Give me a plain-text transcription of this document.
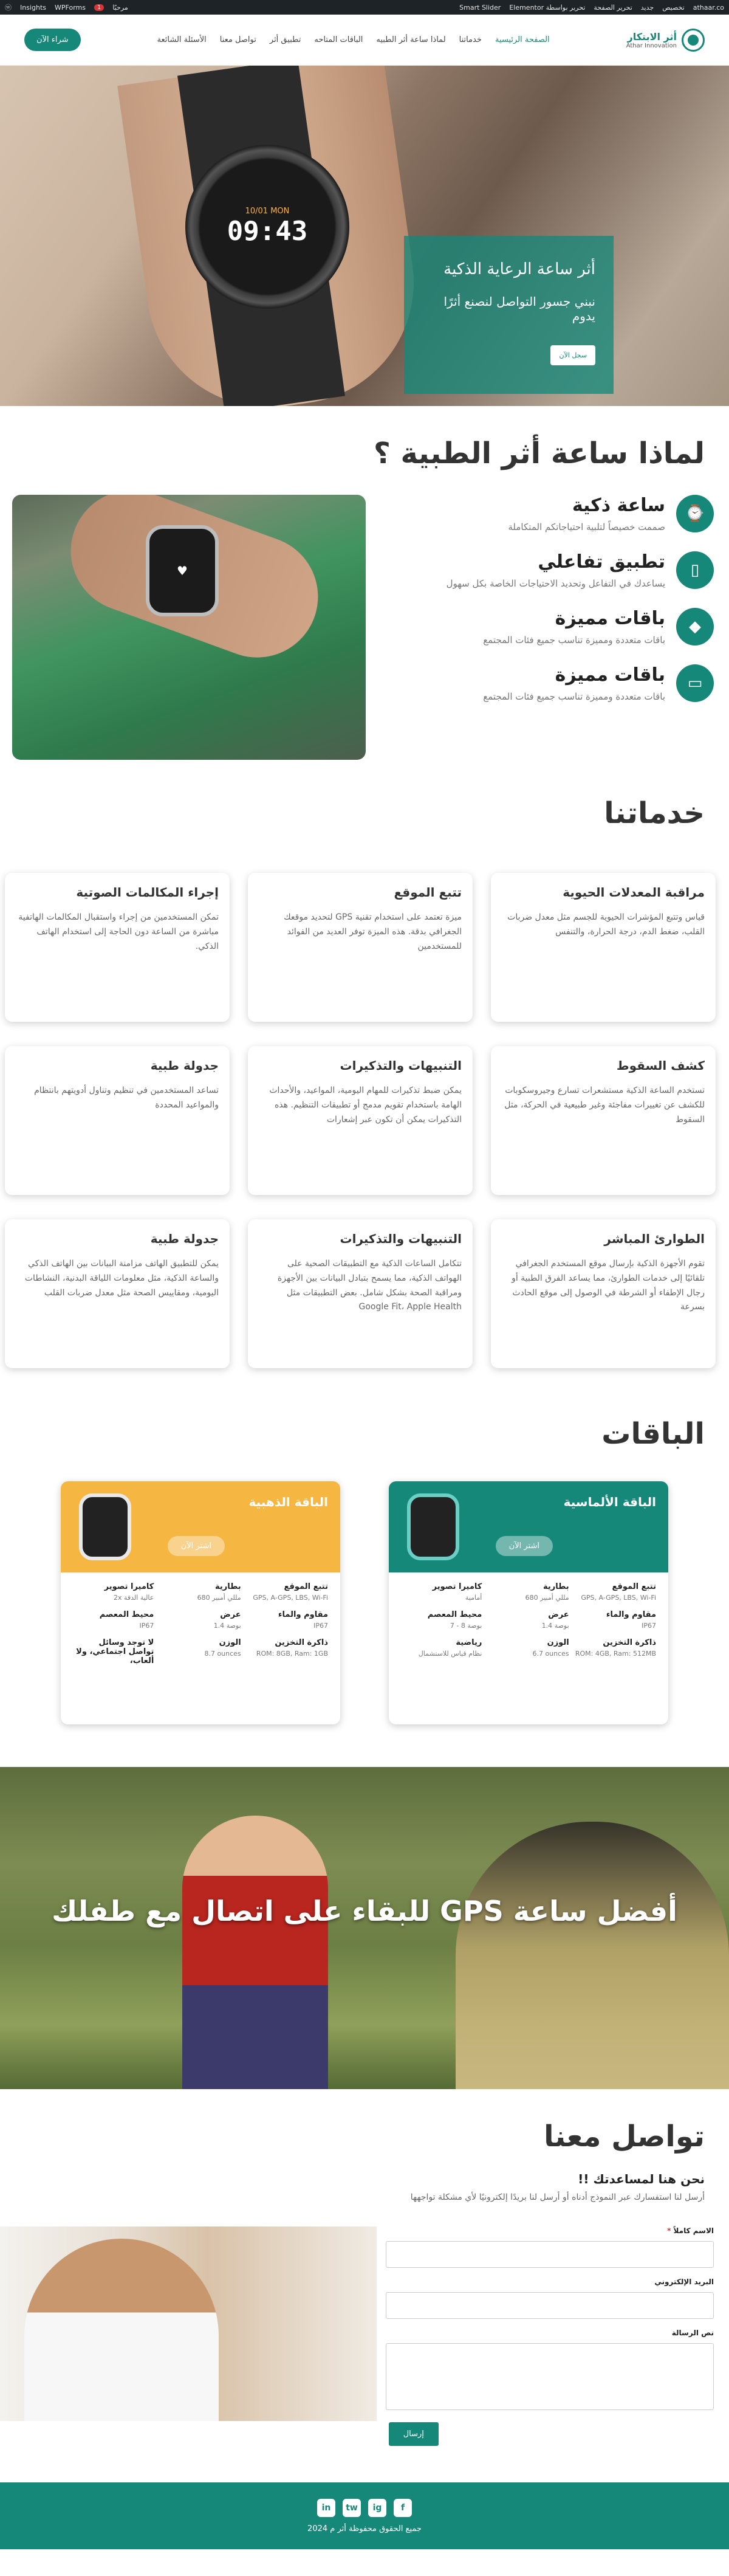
ⓦ Insights WPForms	1	مرحبًا	Smart Slider Elementor تحرير بواسطة تحرير الصفحة جديد تخصيص athaar.co
أثر الابتكار
Athar Innovation
الصفحة الرئيسية
خدماتنا
لماذا ساعة أثر الطبيه
الباقات المتاحه
تطبيق أثر
تواصل معنا
الأسئلة الشائعة
شراء الآن
10/01 MON
09:43
أثر ساعة الرعاية الذكية
نبني جسور التواصل لنصنع أثرًا يدوم
سجل الآن
لماذا ساعة أثر الطبية ؟
⌚
ساعة ذكية

صممت خصيصاً لتلبية احتياجاتكم المتكاملة

▯
تطبيق تفاعلي

يساعدك في التفاعل وتحديد الاحتياجات الخاصة بكل سهول

◆
باقات مميزة

باقات متعددة ومميزة تناسب جميع فئات المجتمع

▭
باقات مميزة

باقات متعددة ومميزة تناسب جميع فئات المجتمع

♥
خدماتنا
مراقبة المعدلات الحيوية

قياس وتتبع المؤشرات الحيوية للجسم مثل معدل ضربات القلب، ضغط الدم، درجة الحرارة، والتنفس

تتبع الموقع

ميزة تعتمد على استخدام تقنية GPS لتحديد موقعك الجغرافي بدقة. هذه الميزة توفر العديد من الفوائد للمستخدمين

إجراء المكالمات الصوتية

تمكن المستخدمين من إجراء واستقبال المكالمات الهاتفية مباشرة من الساعة دون الحاجة إلى استخدام الهاتف الذكي.

كشف السقوط

تستخدم الساعة الذكية مستشعرات تسارع وجيروسكوبات للكشف عن تغييرات مفاجئة وغير طبيعية في الحركة، مثل السقوط

التنبيهات والتذكيرات

يمكن ضبط تذكيرات للمهام اليومية، المواعيد، والأحداث الهامة باستخدام تقويم مدمج أو تطبيقات التنظيم. هذه التذكيرات يمكن أن تكون عبر إشعارات

جدولة طبية

تساعد المستخدمين في تنظيم وتناول أدويتهم بانتظام والمواعيد المحددة

الطوارئ المباشر

تقوم الأجهزة الذكية بإرسال موقع المستخدم الجغرافي تلقائيًا إلى خدمات الطوارئ، مما يساعد الفرق الطبية أو رجال الإطفاء أو الشرطة في الوصول إلى موقع الحادث بسرعة

التنبيهات والتذكيرات

تتكامل الساعات الذكية مع التطبيقات الصحية على الهواتف الذكية، مما يسمح بتبادل البيانات بين الأجهزة ومراقبة الصحة بشكل شامل. بعض التطبيقات مثل Google Fit، Apple Health

جدولة طبية

يمكن للتطبيق الهاتف مزامنة البيانات بين الهاتف الذكي والساعة الذكية، مثل معلومات اللياقة البدنية، النشاطات اليومية، ومقاييس الصحة مثل معدل ضربات القلب

الباقات
الباقة الألماسية
اشتر الآن
تتبع الموقع
GPS, A-GPS, LBS, Wi-Fi
بطارية
680 مللي أمبير
كاميرا تصوير
أمامية
مقاوم والماء
IP67
عرض
1.4 بوصة
محيط المعصم
7 - 8 بوصة
ذاكرة التخزين
ROM: 4GB, Ram: 512MB
الوزن
6.7 ounces
رياضية
نظام قياس للاستشمال
الباقة الذهبية
اشتر الآن
تتبع الموقع
GPS, A-GPS, LBS, Wi-Fi
بطارية
680 مللي أمبير
كاميرا تصوير
2x عالية الدقة
مقاوم والماء
IP67
عرض
1.4 بوصة
محيط المعصم
IP67
ذاكرة التخزين
ROM: 8GB, Ram: 1GB
الوزن
8.7 ounces
لا توجد وسائل تواصل اجتماعي، ولا ألعاب،
أفضل ساعة GPS للبقاء على اتصال مع طفلك
تواصل معنا
نحن هنا لمساعدتك !!

أرسل لنا استفسارك عبر النموذج أدناه أو أرسل لنا بريدًا إلكترونيًا لأي مشكلة تواجهها

الاسم كاملاً *
البريد الإلكتروني
نص الرسالة
إرسال
f
ig
tw
in
جميع الحقوق محفوظة أثر م 2024
